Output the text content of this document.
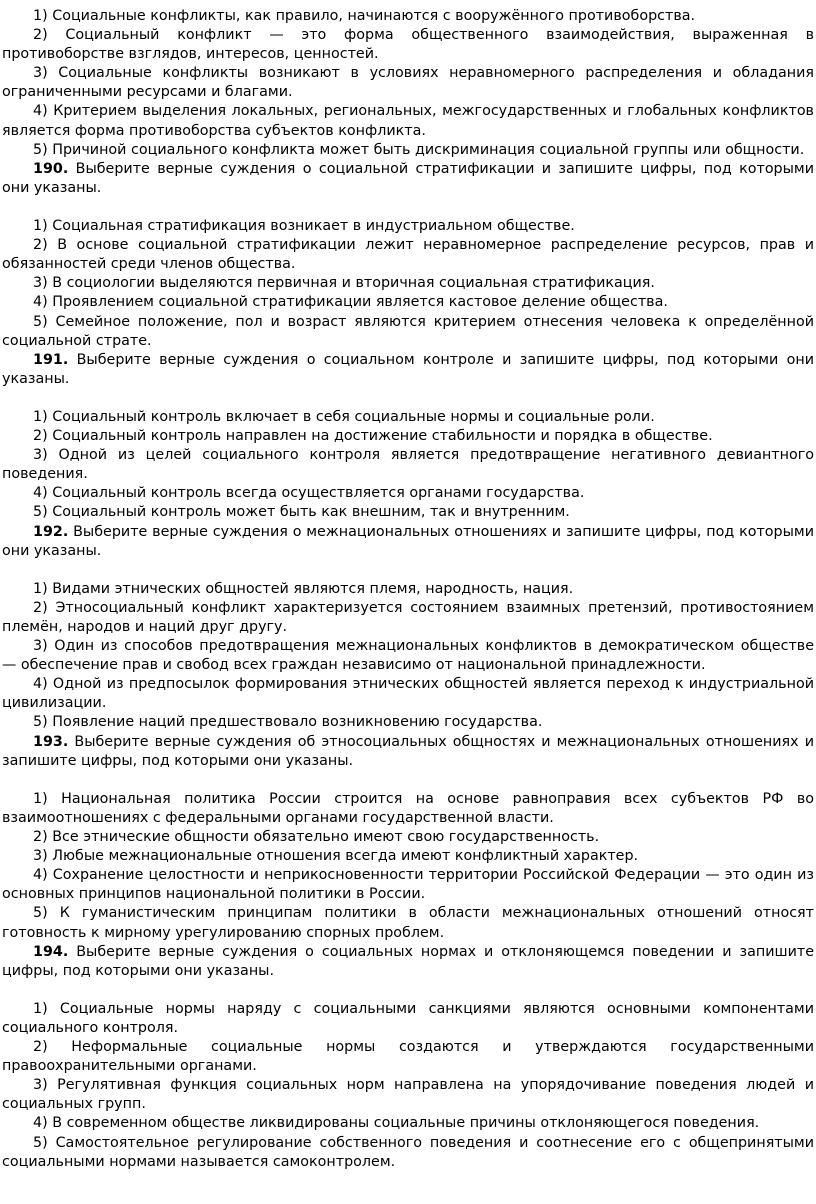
1) Социальные конфликты, как правило, начинаются с вооружённого противоборства.

2) Социальный конфликт — это форма общественного взаимодействия, выраженная в противоборстве взглядов, интересов, ценностей.

3) Социальные конфликты возникают в условиях неравномерного распределения и обладания ограниченными ресурсами и благами.

4) Критерием выделения локальных, региональных, межгосударственных и глобальных конфликтов является форма противоборства субъектов конфликта.

5) Причиной социального конфликта может быть дискриминация социальной группы или общности.

190. Выберите верные суждения о социальной стратификации и запишите цифры, под которыми они указаны.

1) Социальная стратификация возникает в индустриальном обществе.

2) В основе социальной стратификации лежит неравномерное распределение ресурсов, прав и обязанностей среди членов общества.

3) В социологии выделяются первичная и вторичная социальная стратификация.

4) Проявлением социальной стратификации является кастовое деление общества.

5) Семейное положение, пол и возраст являются критерием отнесения человека к определённой социальной страте.

191. Выберите верные суждения о социальном контроле и запишите цифры, под которыми они указаны.

1) Социальный контроль включает в себя социальные нормы и социальные роли.

2) Социальный контроль направлен на достижение стабильности и порядка в обществе.

3) Одной из целей социального контроля является предотвращение негативного девиантного поведения.

4) Социальный контроль всегда осуществляется органами государства.

5) Социальный контроль может быть как внешним, так и внутренним.

192. Выберите верные суждения о межнациональных отношениях и запишите цифры, под которыми они указаны.

1) Видами этнических общностей являются племя, народность, нация.

2) Этносоциальный конфликт характеризуется состоянием взаимных претензий, противостоянием племён, народов и наций друг другу.

3) Один из способов предотвращения межнациональных конфликтов в демократическом обществе — обеспечение прав и свобод всех граждан независимо от национальной принадлежности.

4) Одной из предпосылок формирования этнических общностей является переход к индустриальной цивилизации.

5) Появление наций предшествовало возникновению государства.

193. Выберите верные суждения об этносоциальных общностях и межнациональных отношениях и запишите цифры, под которыми они указаны.

1) Национальная политика России строится на основе равноправия всех субъектов РФ во взаимоотношениях с федеральными органами государственной власти.

2) Все этнические общности обязательно имеют свою государственность.

3) Любые межнациональные отношения всегда имеют конфликтный характер.

4) Сохранение целостности и неприкосновенности территории Российской Федерации — это один из основных принципов национальной политики в России.

5) К гуманистическим принципам политики в области межнациональных отношений относят готовность к мирному урегулированию спорных проблем.

194. Выберите верные суждения о социальных нормах и отклоняющемся поведении и запишите цифры, под которыми они указаны.

1) Социальные нормы наряду с социальными санкциями являются основными компонентами социального контроля.

2) Неформальные социальные нормы создаются и утверждаются государственными правоохранительными органами.

3) Регулятивная функция социальных норм направлена на упорядочивание поведения людей и социальных групп.

4) В современном обществе ликвидированы социальные причины отклоняющегося поведения.

5) Самостоятельное регулирование собственного поведения и соотнесение его с общепринятыми социальными нормами называется самоконтролем.
